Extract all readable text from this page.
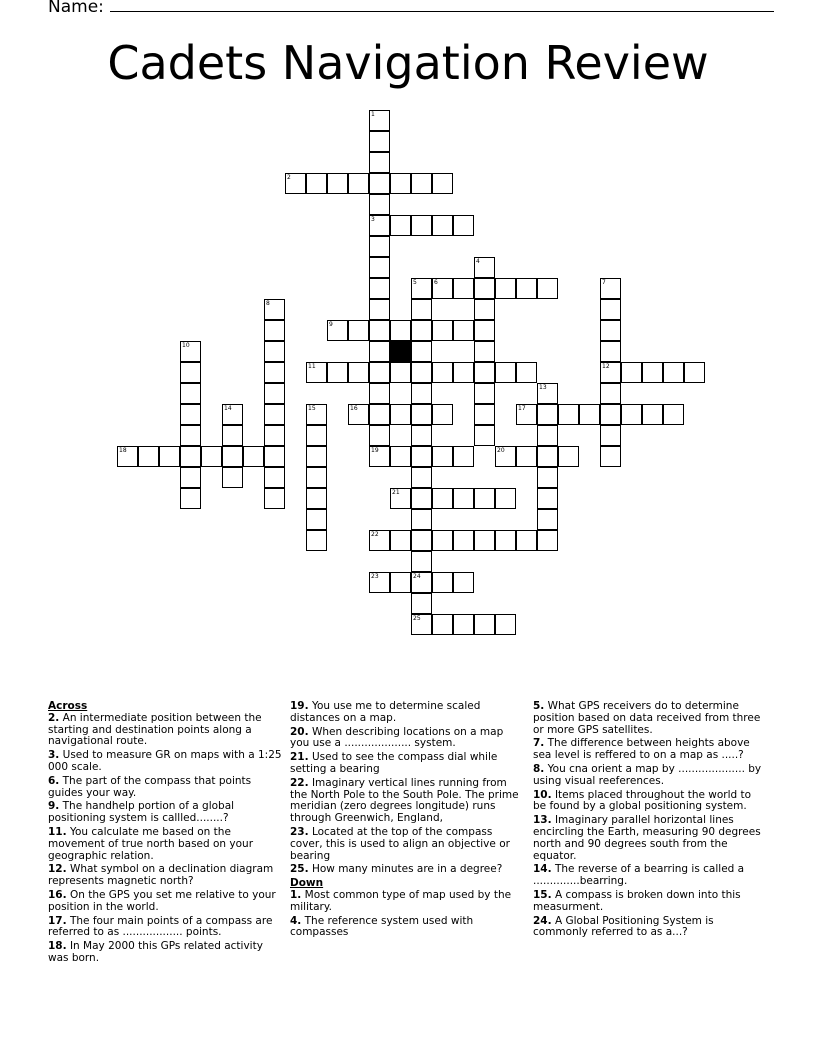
Name:
Cadets Navigation Review
1
3
2
4
5	6	7
12
8
9
10
11
13
14	15	16	17
18	19	20
21
22
23	24
25
Across
2. An intermediate position between the starting and destination points along a navigational route.
3. Used to measure GR on maps with a 1:25 000 scale.
6. The part of the compass that points guides your way.
9. The handhelp portion of a global positioning system is callled........?
11. You calculate me based on the movement of true north based on your geographic relation.
12. What symbol on a declination diagram represents magnetic north?
16. On the GPS you set me relative to your position in the world.
17. The four main points of a compass are referred to as .................. points.
18. In May 2000 this GPs related activity was born.
19. You use me to determine scaled distances on a map.
20. When describing locations on a map you use a .................... system.
21. Used to see the compass dial while setting a bearing
22. Imaginary vertical lines running from the North Pole to the South Pole. The prime meridian (zero degrees longitude) runs through Greenwich, England,
23. Located at the top of the compass cover, this is used to align an objective or bearing
25. How many minutes are in a degree?
Down
1. Most common type of map used by the military.
4. The reference system used with compasses
5. What GPS receivers do to determine position based on data received from three or more GPS satellites.
7. The difference between heights above sea level is reffered to on a map as .....?
8. You cna orient a map by .................... by using visual reeferences.
10. Items placed throughout the world to be found by a global positioning system.
13. Imaginary parallel horizontal lines encircling the Earth, measuring 90 degrees north and 90 degrees south from the equator.
14. The reverse of a bearring is called a ..............bearring.
15. A compass is broken down into this measurment.
24. A Global Positioning System is commonly referred to as a...?
